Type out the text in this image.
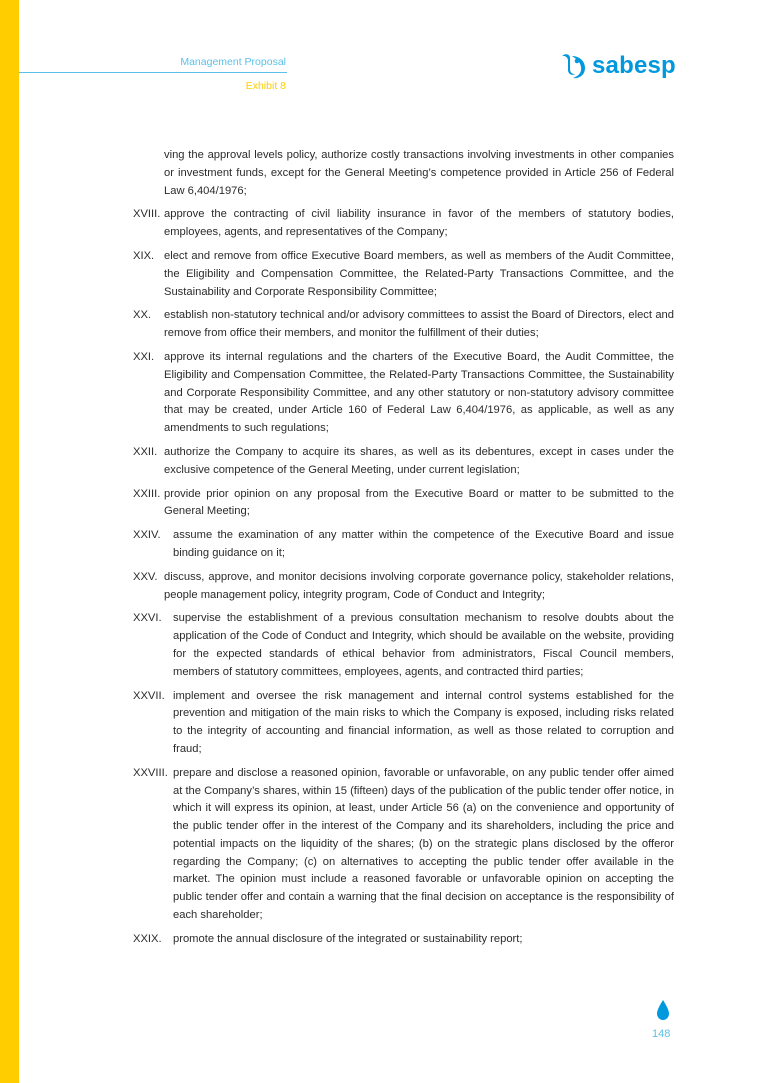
Management Proposal
Exhibit 8
sabesp
ving the approval levels policy, authorize costly transactions involving investments in other companies or investment funds, except for the General Meeting’s competence provided in Article 256 of Federal Law 6,404/1976;
XVIII. approve the contracting of civil liability insurance in favor of the members of statutory bodies, employees, agents, and representatives of the Company;
XIX. elect and remove from office Executive Board members, as well as members of the Audit Committee, the Eligibility and Compensation Committee, the Related-Party Transactions Committee, and the Sustainability and Corporate Responsibility Committee;
XX.	establish non-statutory technical and/or advisory committees to assist the Board of Directors, elect and remove from office their members, and monitor the fulfillment of their duties;
XXI. approve its internal regulations and the charters of the Executive Board, the Audit Committee, the Eligibility and Compensation Committee, the Related-Party Transactions Committee, the Sustainability and Corporate Responsibility Committee, and any other statutory or non-statutory advisory committee that may be created, under Article 160 of Federal Law 6,404/1976, as applicable, as well as any amendments to such regulations;
XXII. authorize the Company to acquire its shares, as well as its debentures, except in cases under the exclusive competence of the General Meeting, under current legislation;
XXIII. provide prior opinion on any proposal from the Executive Board or matter to be submitted to the General Meeting;
XXIV.	assume the examination of any matter within the competence of the Executive Board and issue binding guidance on it;
XXV. discuss, approve, and monitor decisions involving corporate governance policy, stakeholder relations, people management policy, integrity program, Code of Conduct and Integrity;
XXVI.	supervise the establishment of a previous consultation mechanism to resolve doubts about the application of the Code of Conduct and Integrity, which should be available on the website, providing for the expected standards of ethical behavior from administrators, Fiscal Council members, members of statutory committees, employees, agents, and contracted third parties;
XXVII. implement and oversee the risk management and internal control systems established for the prevention and mitigation of the main risks to which the Company is exposed, including risks related to the integrity of accounting and financial information, as well as those related to corruption and fraud;
XXVIII. prepare and disclose a reasoned opinion, favorable or unfavorable, on any public tender offer aimed at the Company’s shares, within 15 (fifteen) days of the publication of the public tender offer notice, in which it will express its opinion, at least, under Article 56 (a) on the convenience and opportunity of the public tender offer in the interest of the Company and its shareholders, including the price and potential impacts on the liquidity of the shares; (b) on the strategic plans disclosed by the offeror regarding the Company; (c) on alternatives to accepting the public tender offer available in the market. The opinion must include a reasoned favorable or unfavorable opinion on accepting the public tender offer and contain a warning that the final decision on acceptance is the responsibility of each shareholder;
XXIX.	promote the annual disclosure of the integrated or sustainability report;
148
